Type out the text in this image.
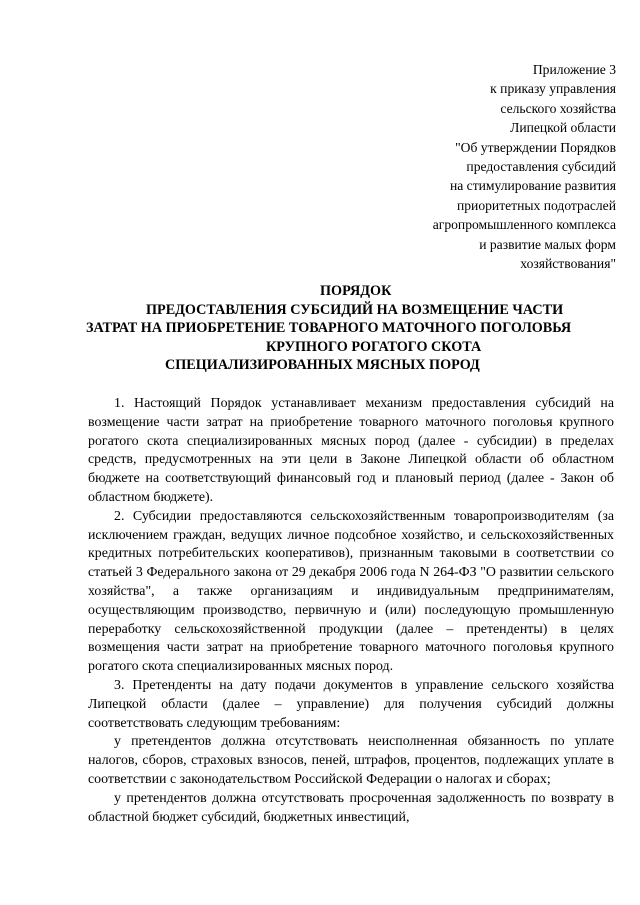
Приложение 3
к приказу управления
сельского хозяйства
Липецкой области
"Об утверждении Порядков
предоставления субсидий
на стимулирование развития
приоритетных подотраслей
агропромышленного комплекса
и развитие малых форм
хозяйствования"
ПОРЯДОК
ПРЕДОСТАВЛЕНИЯ СУБСИДИЙ НА ВОЗМЕЩЕНИЕ ЧАСТИ
ЗАТРАТ НА ПРИОБРЕТЕНИЕ ТОВАРНОГО МАТОЧНОГО ПОГОЛОВЬЯ
КРУПНОГО РОГАТОГО СКОТА
СПЕЦИАЛИЗИРОВАННЫХ МЯСНЫХ ПОРОД

1. Настоящий Порядок устанавливает механизм предоставления субсидий на возмещение части затрат на приобретение товарного маточного поголовья крупного рогатого скота специализированных мясных пород (далее - субсидии) в пределах средств, предусмотренных на эти цели в Законе Липецкой области об областном бюджете на соответствующий финансовый год и плановый период (далее - Закон об областном бюджете).

2. Субсидии предоставляются сельскохозяйственным товаропроизводителям (за исключением граждан, ведущих личное подсобное хозяйство, и сельскохозяйственных кредитных потребительских кооперативов), признанным таковыми в соответствии со статьей 3 Федерального закона от 29 декабря 2006 года N 264-ФЗ "О развитии сельского хозяйства", а также организациям и индивидуальным предпринимателям, осуществляющим производство, первичную и (или) последующую промышленную переработку сельскохозяйственной продукции (далее – претенденты) в целях возмещения части затрат на приобретение товарного маточного поголовья крупного рогатого скота специализированных мясных пород.

3. Претенденты на дату подачи документов в управление сельского хозяйства Липецкой области (далее – управление) для получения субсидий должны соответствовать следующим требованиям:

у претендентов должна отсутствовать неисполненная обязанность по уплате налогов, сборов, страховых взносов, пеней, штрафов, процентов, подлежащих уплате в соответствии с законодательством Российской Федерации о налогах и сборах;

у претендентов должна отсутствовать просроченная задолженность по возврату в областной бюджет субсидий, бюджетных инвестиций,
